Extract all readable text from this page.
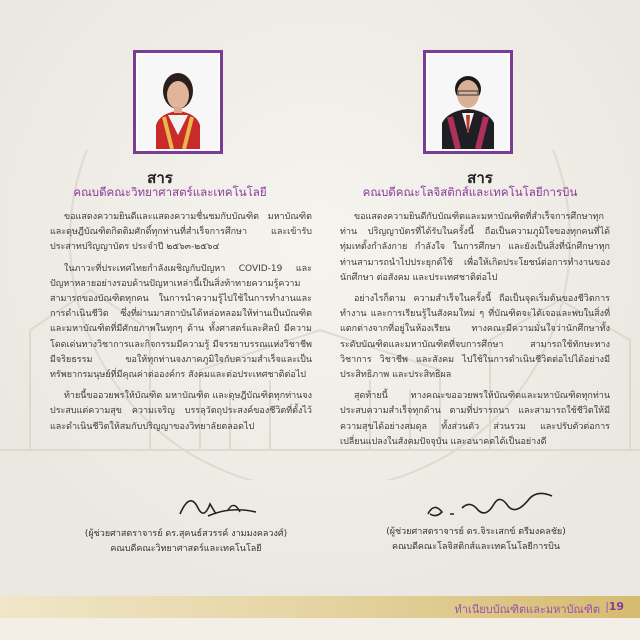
สาร
คณบดีคณะวิทยาศาสตร์และเทคโนโลยี

ขอแสดงความยินดีและแสดงความชื่นชมกับบัณฑิต มหาบัณฑิต และดุษฎีบัณฑิตกิตติมศักดิ์ทุกท่านที่สำเร็จการศึกษา และเข้ารับประสาทปริญญาบัตร ประจำปี ๒๕๖๓-๒๕๖๔

ในภาวะที่ประเทศไทยกำลังเผชิญกับปัญหา COVID-19 และปัญหาหลายอย่างรอบด้านปัญหาเหล่านี้เป็นสิ่งท้าทายความรู้ความสามารถของบัณฑิตทุกคน ในการนำความรู้ไปใช้ในการทำงานและการดำเนินชีวิต ซึ่งที่ผ่านมาสถาบันได้หล่อหลอมให้ท่านเป็นบัณฑิตและมหาบัณฑิตที่มีศักยภาพในทุกๆ ด้าน ทั้งศาสตร์และศิลป์ มีความโดดเด่นทางวิชาการและกิจกรรมมีความรู้ มีจรรยาบรรณแห่งวิชาชีพ มีจริยธรรม ขอให้ทุกท่านจงภาคภูมิใจกับความสำเร็จและเป็นทรัพยากรมนุษย์ที่มีคุณค่าต่อองค์กร สังคมและต่อประเทศชาติต่อไป

ท้ายนี้ขออวยพรให้บัณฑิต มหาบัณฑิต และดุษฎีบัณฑิตทุกท่านจงประสบแต่ความสุข ความเจริญ บรรลุวัตถุประสงค์ของชีวิตที่ตั้งไว้ และดำเนินชีวิตให้สมกับปริญญาของวิทยาลัยตลอดไป

(ผู้ช่วยศาสตราจารย์ ดร.สุคนธ์สวรรค์ งามมงคลวงศ์)
คณบดีคณะวิทยาศาสตร์และเทคโนโลยี
สาร
คณบดีคณะโลจิสติกส์และเทคโนโลยีการบิน

ขอแสดงความยินดีกับบัณฑิตและมหาบัณฑิตที่สำเร็จการศึกษาทุกท่าน ปริญญาบัตรที่ได้รับในครั้งนี้ ถือเป็นความภูมิใจของทุกคนที่ได้ทุ่มเทตั้งกำลังกาย กำลังใจ ในการศึกษา และยังเป็นสิ่งที่นักศึกษาทุกท่านสามารถนำไปประยุกต์ใช้ เพื่อให้เกิดประโยชน์ต่อการทำงานของนักศึกษา ต่อสังคม และประเทศชาติต่อไป

อย่างไรก็ตาม ความสำเร็จในครั้งนี้ ถือเป็นจุดเริ่มต้นของชีวิตการทำงาน และการเรียนรู้ในสังคมใหม่ ๆ ที่บัณฑิตจะได้เจอและพบในสิ่งที่แตกต่างจากที่อยู่ในห้องเรียน ทางคณะมีความมั่นใจว่านักศึกษาทั้งระดับบัณฑิตและมหาบัณฑิตที่จบการศึกษา สามารถใช้ทักษะทางวิชาการ วิชาชีพ และสังคม ไปใช้ในการดำเนินชีวิตต่อไปได้อย่างมีประสิทธิภาพ และประสิทธิผล

สุดท้ายนี้ ทางคณะขออวยพรให้บัณฑิตและมหาบัณฑิตทุกท่านประสบความสำเร็จทุกด้าน ตามที่ปรารถนา และสามารถใช้ชีวิตให้มีความสุขได้อย่างสมดุล ทั้งส่วนตัว ส่วนรวม และปรับตัวต่อการเปลี่ยนแปลงในสังคมปัจจุบัน และอนาคตได้เป็นอย่างดี

(ผู้ช่วยศาสตราจารย์ ดร.จิระเสกข์ ตรีมงคลชัย)
คณบดีคณะโลจิสติกส์และเทคโนโลยีการบิน
ทำเนียบบัณฑิตและมหาบัณฑิต | 19
